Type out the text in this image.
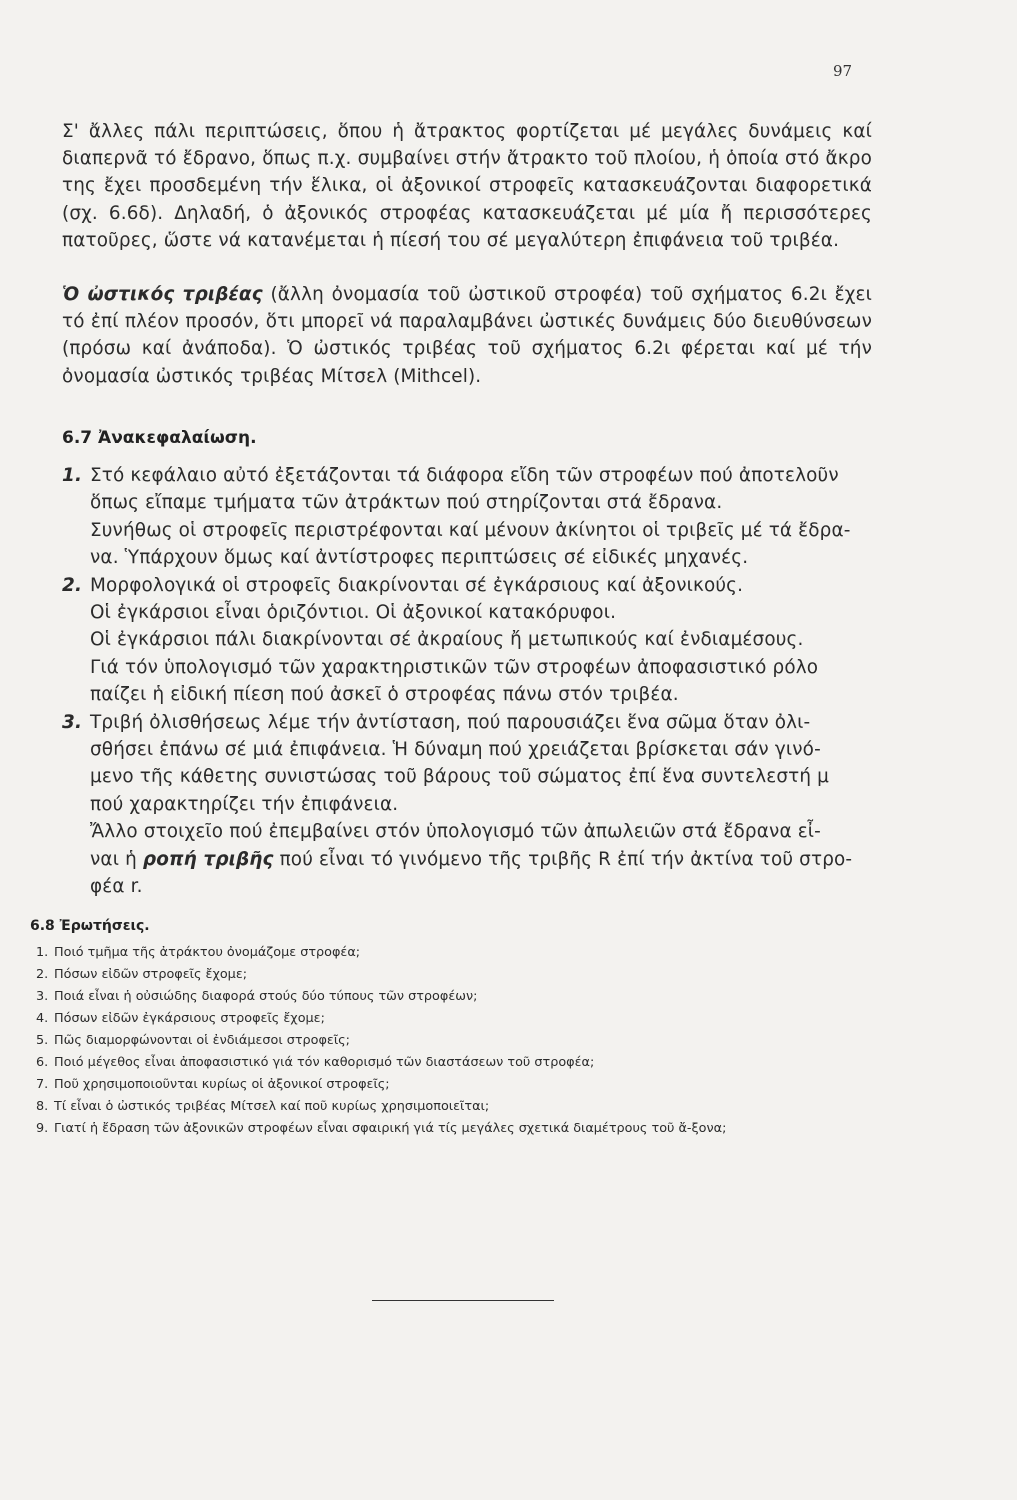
97

Σ' ἄλλες πάλι περιπτώσεις, ὅπου ἡ ἄτρακτος φορτίζεται μέ μεγάλες δυνάμεις καί διαπερνᾶ τό ἔδρανο, ὅπως π.χ. συμβαίνει στήν ἄτρακτο τοῦ πλοίου, ἡ ὁποία στό ἄκρο της ἔχει προσδεμένη τήν ἕλικα, οἱ ἀξονικοί στροφεῖς κατασκευάζονται διαφορετικά (σχ. 6.6δ). Δηλαδή, ὁ ἀξονικός στροφέας κατασκευάζεται μέ μία ἤ περισσότερες πατοῦρες, ὥστε νά κατανέμεται ἡ πίεσή του σέ μεγαλύτερη ἐπιφάνεια τοῦ τριβέα.

Ὁ ὠστικός τριβέας (ἄλλη ὀνομασία τοῦ ὠστικοῦ στροφέα) τοῦ σχήματος 6.2ι ἔχει τό ἐπί πλέον προσόν, ὅτι μπορεῖ νά παραλαμβάνει ὠστικές δυνάμεις δύο διευθύνσεων (πρόσω καί ἀνάποδα). Ὁ ὠστικός τριβέας τοῦ σχήματος 6.2ι φέρεται καί μέ τήν ὀνομασία ὠστικός τριβέας Μίτσελ (Mithcel).

6.7 Ἀνακεφαλαίωση.
1. Στό κεφάλαιο αὐτό ἐξετάζονται τά διάφορα εἴδη τῶν στροφέων πού ἀποτελοῦν
ὅπως εἴπαμε τμήματα τῶν ἀτράκτων πού στηρίζονται στά ἔδρανα.
Συνήθως οἱ στροφεῖς περιστρέφονται καί μένουν ἀκίνητοι οἱ τριβεῖς μέ τά ἔδρα-
να. Ὑπάρχουν ὅμως καί ἀντίστροφες περιπτώσεις σέ εἰδικές μηχανές.
2. Μορφολογικά οἱ στροφεῖς διακρίνονται σέ ἐγκάρσιους καί ἀξονικούς.
Οἱ ἐγκάρσιοι εἶναι ὁριζόντιοι. Οἱ ἀξονικοί κατακόρυφοι.
Οἱ ἐγκάρσιοι πάλι διακρίνονται σέ ἀκραίους ἤ μετωπικούς καί ἐνδιαμέσους.
Γιά τόν ὑπολογισμό τῶν χαρακτηριστικῶν τῶν στροφέων ἀποφασιστικό ρόλο
παίζει ἡ εἰδική πίεση πού ἀσκεῖ ὁ στροφέας πάνω στόν τριβέα.
3. Τριβή ὀλισθήσεως λέμε τήν ἀντίσταση, πού παρουσιάζει ἕνα σῶμα ὅταν ὀλι-
σθήσει ἐπάνω σέ μιά ἐπιφάνεια. Ἡ δύναμη πού χρειάζεται βρίσκεται σάν γινό-
μενο τῆς κάθετης συνιστώσας τοῦ βάρους τοῦ σώματος ἐπί ἕνα συντελεστή μ
πού χαρακτηρίζει τήν ἐπιφάνεια.
Ἄλλο στοιχεῖο πού ἐπεμβαίνει στόν ὑπολογισμό τῶν ἀπωλειῶν στά ἔδρανα εἶ-
ναι ἡ ροπή τριβῆς πού εἶναι τό γινόμενο τῆς τριβῆς R ἐπί τήν ἀκτίνα τοῦ στρο-
φέα r.
6.8 Ἐρωτήσεις.
1. Ποιό τμῆμα τῆς ἀτράκτου ὀνομάζομε στροφέα;
2. Πόσων εἰδῶν στροφεῖς ἔχομε;
3. Ποιά εἶναι ἡ οὐσιώδης διαφορά στούς δύο τύπους τῶν στροφέων;
4. Πόσων εἰδῶν ἐγκάρσιους στροφεῖς ἔχομε;
5. Πῶς διαμορφώνονται οἱ ἐνδιάμεσοι στροφεῖς;
6. Ποιό μέγεθος εἶναι ἀποφασιστικό γιά τόν καθορισμό τῶν διαστάσεων τοῦ στροφέα;
7. Ποῦ χρησιμοποιοῦνται κυρίως οἱ ἀξονικοί στροφεῖς;
8. Τί εἶναι ὁ ὠστικός τριβέας Μίτσελ καί ποῦ κυρίως χρησιμοποιεῖται;
9. Γιατί ἡ ἔδραση τῶν ἀξονικῶν στροφέων εἶναι σφαιρική γιά τίς μεγάλες σχετικά διαμέτρους τοῦ ἄ-ξονα;
